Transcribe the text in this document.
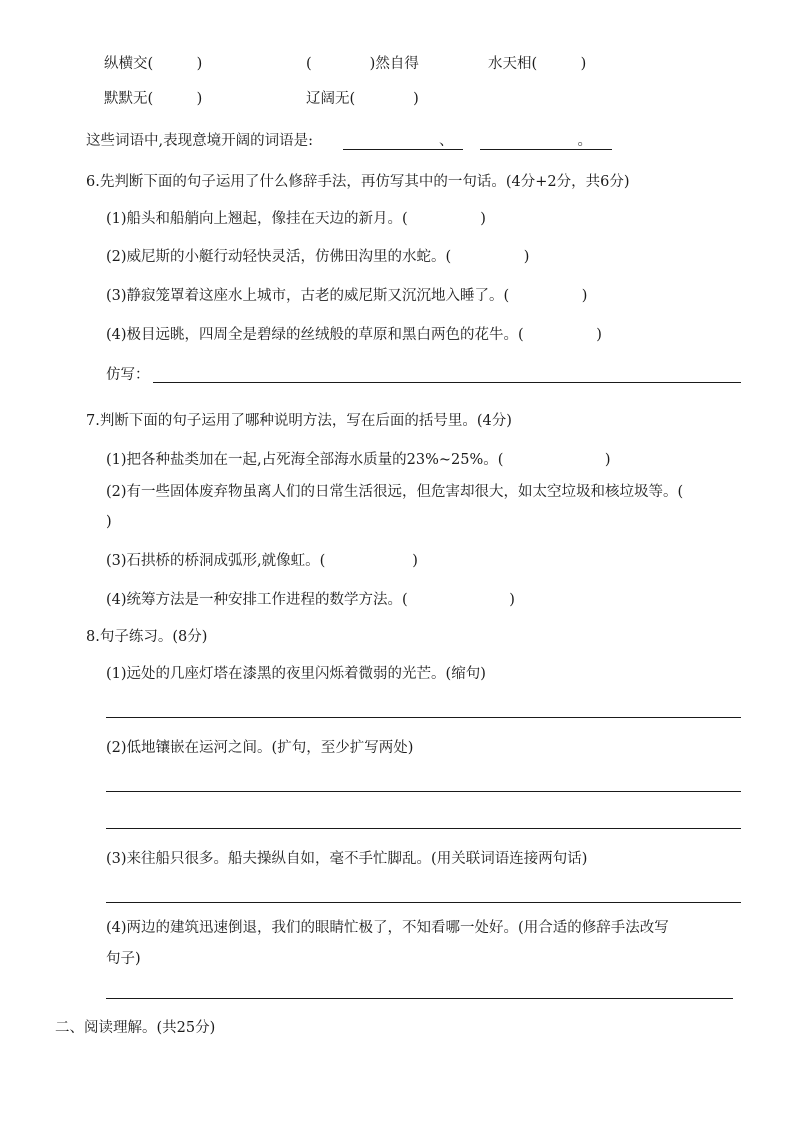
纵横交(　　　)	(　　　　)然自得	水天相(　　　)

默默无(　　　)	辽阔无(　　　　)

这些词语中,表现意境开阔的词语是:	、	。

6.先判断下面的句子运用了什么修辞手法，再仿写其中的一句话。(4分+2分，共6分)

(1)船头和船艄向上翘起，像挂在天边的新月。(　　　　　)

(2)威尼斯的小艇行动轻快灵活，仿佛田沟里的水蛇。(　　　　　)

(3)静寂笼罩着这座水上城市，古老的威尼斯又沉沉地入睡了。(　　　　　)

(4)极目远眺，四周全是碧绿的丝绒般的草原和黑白两色的花牛。(　　　　　)

仿写：

7.判断下面的句子运用了哪种说明方法，写在后面的括号里。(4分)

(1)把各种盐类加在一起,占死海全部海水质量的23%~25%。(　　　　　　　)

(2)有一些固体废弃物虽离人们的日常生活很远，但危害却很大，如太空垃圾和核垃圾等。(

)

(3)石拱桥的桥洞成弧形,就像虹。(　　　　　　)

(4)统筹方法是一种安排工作进程的数学方法。(　　　　　　　)

8.句子练习。(8分)

(1)远处的几座灯塔在漆黑的夜里闪烁着微弱的光芒。(缩句)

(2)低地镶嵌在运河之间。(扩句，至少扩写两处)

(3)来往船只很多。船夫操纵自如，毫不手忙脚乱。(用关联词语连接两句话)

(4)两边的建筑迅速倒退，我们的眼睛忙极了，不知看哪一处好。(用合适的修辞手法改写

句子)

二、阅读理解。(共25分)
